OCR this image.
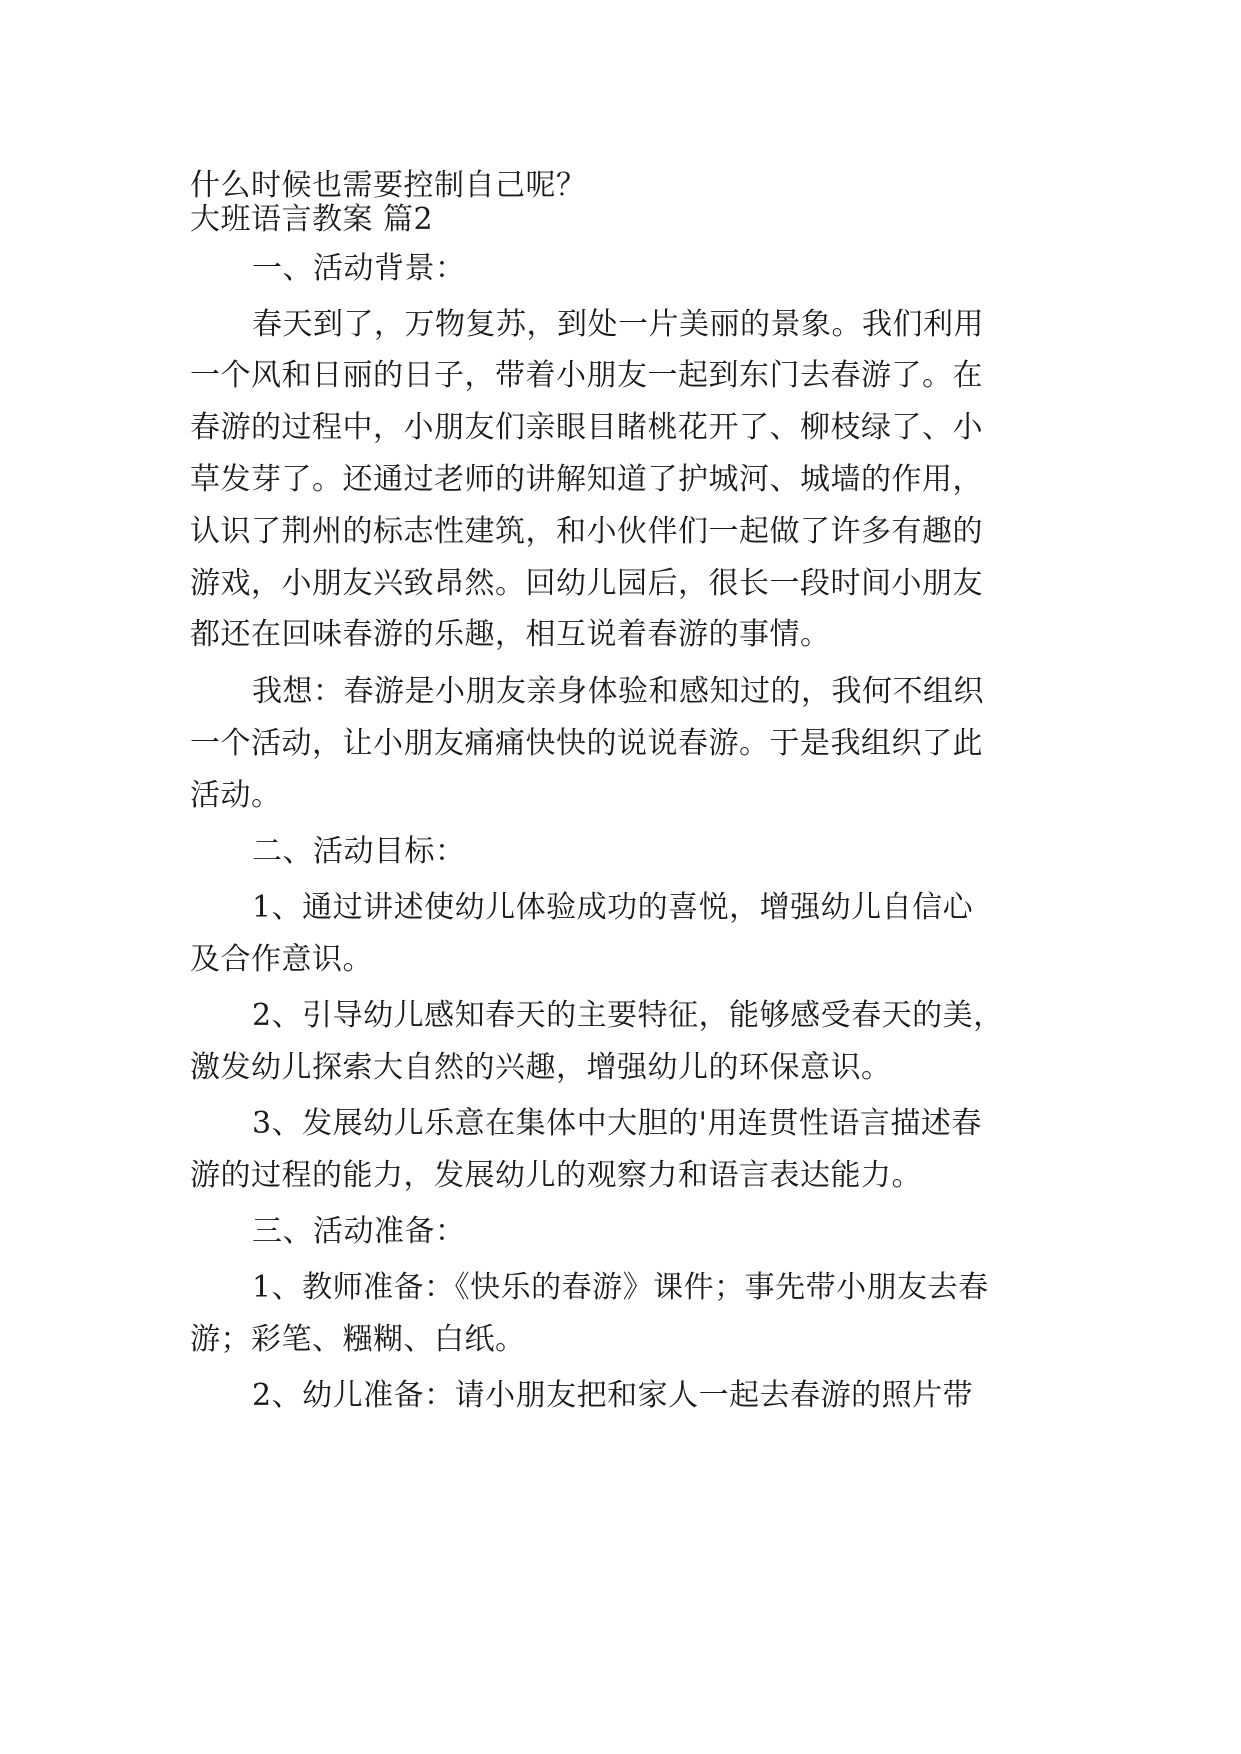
什么时候也需要控制自己呢？
大班语言教案 篇2
一、活动背景：
春天到了，万物复苏，到处一片美丽的景象。我们利用
一个风和日丽的日子，带着小朋友一起到东门去春游了。在
春游的过程中，小朋友们亲眼目睹桃花开了、柳枝绿了、小
草发芽了。还通过老师的讲解知道了护城河、城墙的作用，
认识了荆州的标志性建筑，和小伙伴们一起做了许多有趣的
游戏，小朋友兴致昂然。回幼儿园后，很长一段时间小朋友
都还在回味春游的乐趣，相互说着春游的事情。
我想：春游是小朋友亲身体验和感知过的，我何不组织
一个活动，让小朋友痛痛快快的说说春游。于是我组织了此
活动。
二、活动目标：
1、通过讲述使幼儿体验成功的喜悦，增强幼儿自信心
及合作意识。
2、引导幼儿感知春天的主要特征，能够感受春天的美，
激发幼儿探索大自然的兴趣，增强幼儿的环保意识。
3、发展幼儿乐意在集体中大胆的'用连贯性语言描述春
游的过程的能力，发展幼儿的观察力和语言表达能力。
三、活动准备：
1、教师准备：《快乐的春游》课件；事先带小朋友去春
游；彩笔、糨糊、白纸。
2、幼儿准备：请小朋友把和家人一起去春游的照片带
